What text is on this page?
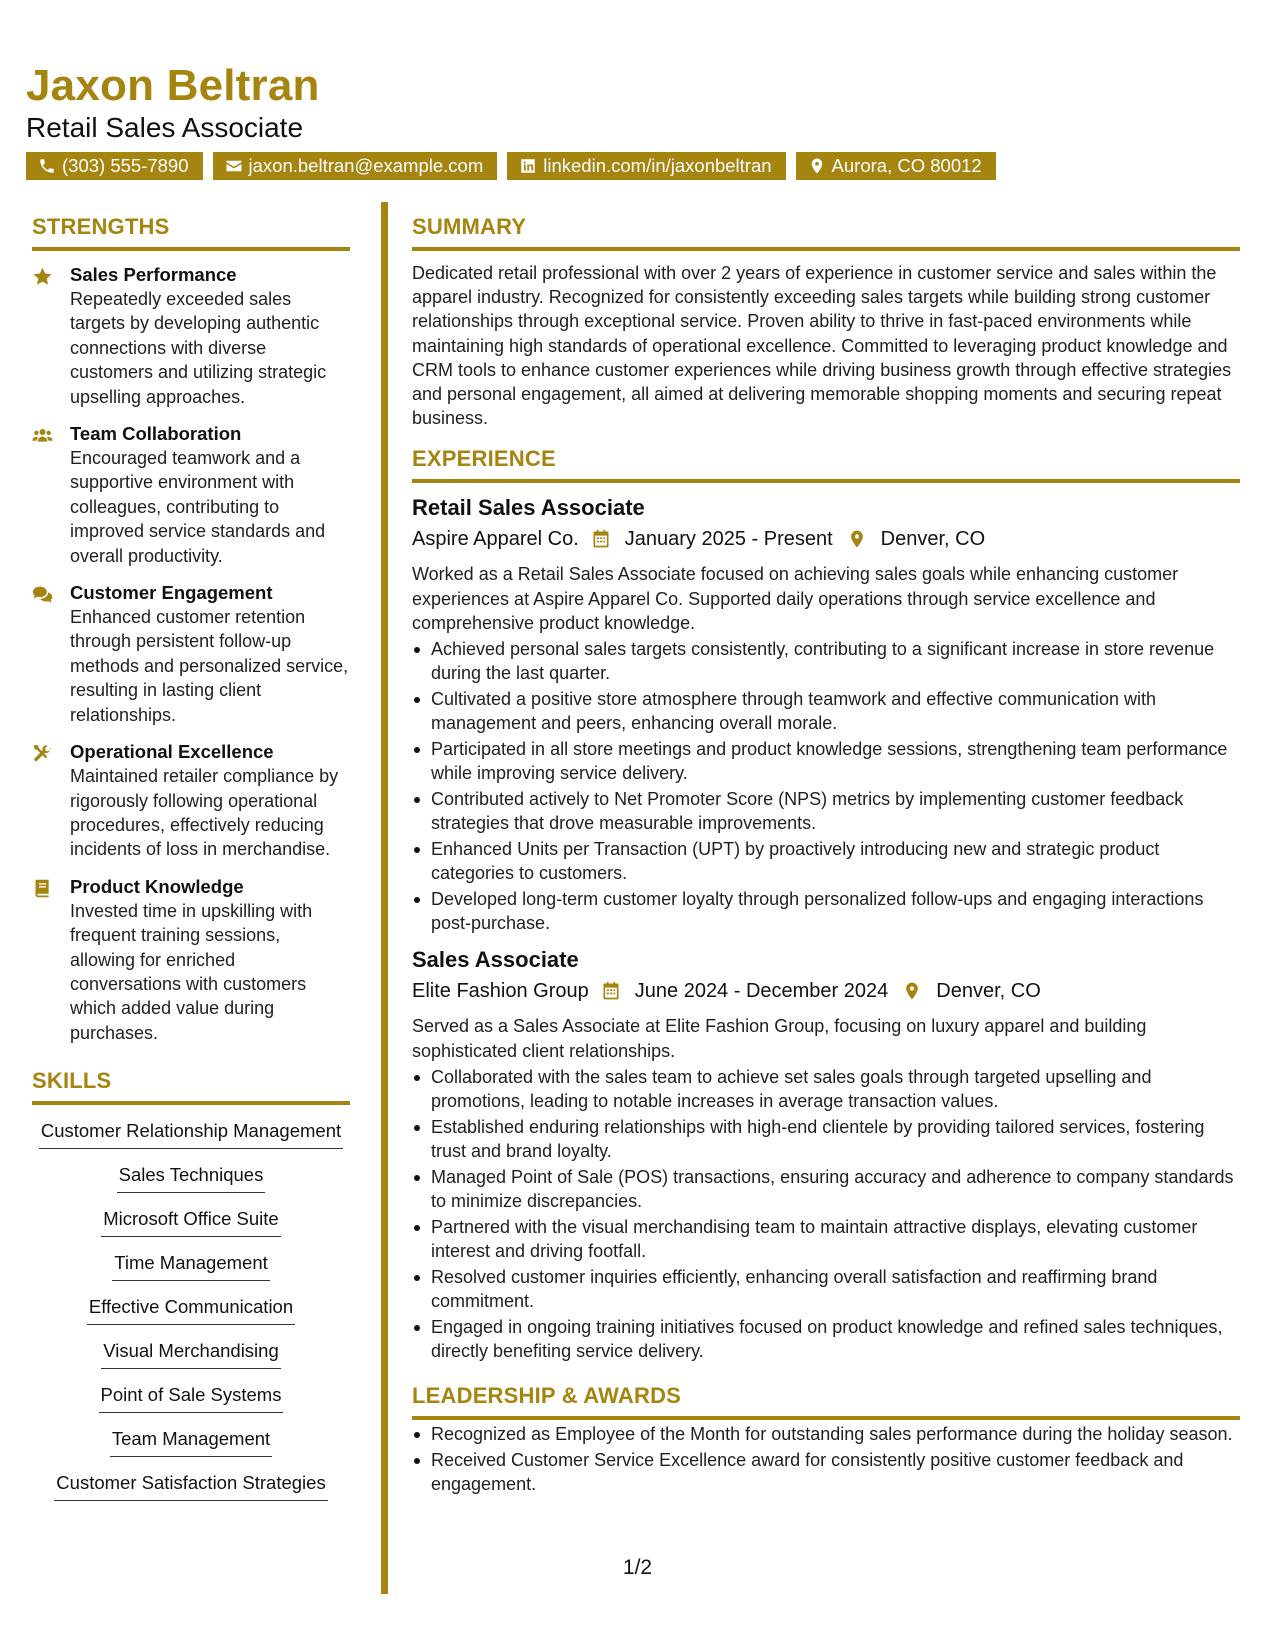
Jaxon Beltran
Retail Sales Associate
(303) 555-7890	jaxon.beltran@example.com	linkedin.com/in/jaxonbeltran	Aurora, CO 80012
STRENGTHS
Sales Performance
Repeatedly exceeded sales targets by developing authentic connections with diverse customers and utilizing strategic upselling approaches.
Team Collaboration
Encouraged teamwork and a supportive environment with colleagues, contributing to improved service standards and overall productivity.
Customer Engagement
Enhanced customer retention through persistent follow-up methods and personalized service, resulting in lasting client relationships.
Operational Excellence
Maintained retailer compliance by rigorously following operational procedures, effectively reducing incidents of loss in merchandise.
Product Knowledge
Invested time in upskilling with frequent training sessions, allowing for enriched conversations with customers which added value during purchases.
SKILLS
Customer Relationship Management
Sales Techniques
Microsoft Office Suite
Time Management
Effective Communication
Visual Merchandising
Point of Sale Systems
Team Management
Customer Satisfaction Strategies
SUMMARY
Dedicated retail professional with over 2 years of experience in customer service and sales within the apparel industry. Recognized for consistently exceeding sales targets while building strong customer relationships through exceptional service. Proven ability to thrive in fast-paced environments while maintaining high standards of operational excellence. Committed to leveraging product knowledge and CRM tools to enhance customer experiences while driving business growth through effective strategies and personal engagement, all aimed at delivering memorable shopping moments and securing repeat business.
EXPERIENCE
Retail Sales Associate
Aspire Apparel Co. January 2025 - Present Denver, CO
Worked as a Retail Sales Associate focused on achieving sales goals while enhancing customer experiences at Aspire Apparel Co. Supported daily operations through service excellence and comprehensive product knowledge.
Achieved personal sales targets consistently, contributing to a significant increase in store revenue during the last quarter.
Cultivated a positive store atmosphere through teamwork and effective communication with management and peers, enhancing overall morale.
Participated in all store meetings and product knowledge sessions, strengthening team performance while improving service delivery.
Contributed actively to Net Promoter Score (NPS) metrics by implementing customer feedback strategies that drove measurable improvements.
Enhanced Units per Transaction (UPT) by proactively introducing new and strategic product categories to customers.
Developed long-term customer loyalty through personalized follow-ups and engaging interactions post-purchase.
Sales Associate
Elite Fashion Group June 2024 - December 2024 Denver, CO
Served as a Sales Associate at Elite Fashion Group, focusing on luxury apparel and building sophisticated client relationships.
Collaborated with the sales team to achieve set sales goals through targeted upselling and promotions, leading to notable increases in average transaction values.
Established enduring relationships with high-end clientele by providing tailored services, fostering trust and brand loyalty.
Managed Point of Sale (POS) transactions, ensuring accuracy and adherence to company standards to minimize discrepancies.
Partnered with the visual merchandising team to maintain attractive displays, elevating customer interest and driving footfall.
Resolved customer inquiries efficiently, enhancing overall satisfaction and reaffirming brand commitment.
Engaged in ongoing training initiatives focused on product knowledge and refined sales techniques, directly benefiting service delivery.
LEADERSHIP & AWARDS
Recognized as Employee of the Month for outstanding sales performance during the holiday season.
Received Customer Service Excellence award for consistently positive customer feedback and engagement.
1/2
